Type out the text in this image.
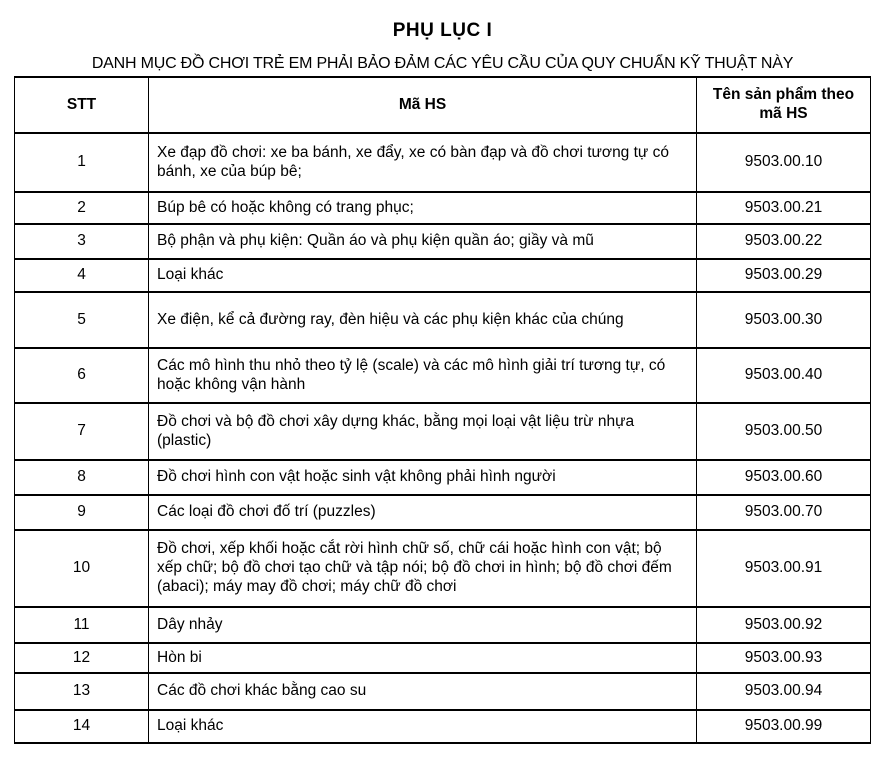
PHỤ LỤC I
DANH MỤC ĐỒ CHƠI TRẺ EM PHẢI BẢO ĐẢM CÁC YÊU CẦU CỦA QUY CHUẨN KỸ THUẬT NÀY
STT	Mã HS	Tên sản phẩm theo mã HS
1	Xe đạp đồ chơi: xe ba bánh, xe đẩy, xe có bàn đạp và đồ chơi tương tự có bánh, xe của búp bê;	9503.00.10
2	Búp bê có hoặc không có trang phục;	9503.00.21
3	Bộ phận và phụ kiện: Quần áo và phụ kiện quần áo; giầy và mũ	9503.00.22
4	Loại khác	9503.00.29
5	Xe điện, kể cả đường ray, đèn hiệu và các phụ kiện khác của chúng	9503.00.30
6	Các mô hình thu nhỏ theo tỷ lệ (scale) và các mô hình giải trí tương tự, có hoặc không vận hành	9503.00.40
7	Đồ chơi và bộ đồ chơi xây dựng khác, bằng mọi loại vật liệu trừ nhựa (plastic)	9503.00.50
8	Đồ chơi hình con vật hoặc sinh vật không phải hình người	9503.00.60
9	Các loại đồ chơi đố trí (puzzles)	9503.00.70
10	Đồ chơi, xếp khối hoặc cắt rời hình chữ số, chữ cái hoặc hình con vật; bộ xếp chữ; bộ đồ chơi tạo chữ và tập nói; bộ đồ chơi in hình; bộ đồ chơi đếm (abaci); máy may đồ chơi; máy chữ đồ chơi	9503.00.91
11	Dây nhảy	9503.00.92
12	Hòn bi	9503.00.93
13	Các đồ chơi khác bằng cao su	9503.00.94
14	Loại khác	9503.00.99
